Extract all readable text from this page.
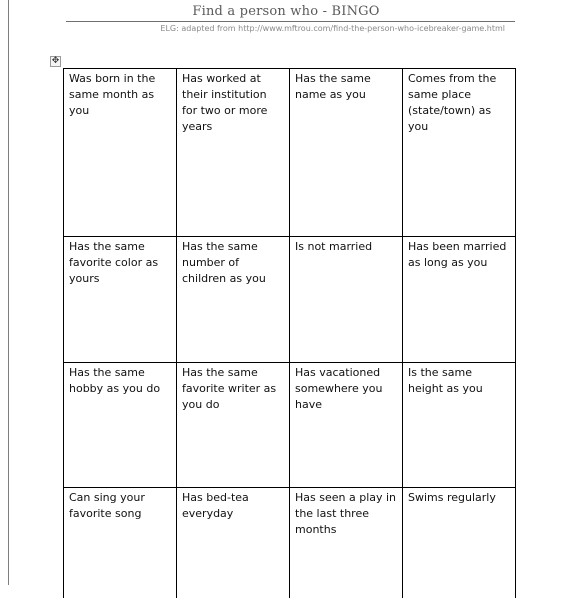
Find a person who - BINGO
ELG: adapted from http://www.mftrou.com/find-the-person-who-icebreaker-game.html
✥
Was born in the same month as you	Has worked at their institution for two or more years	Has the same name as you	Comes from the same place (state/town) as you
Has the same favorite color as yours	Has the same number of children as you	Is not married	Has been married as long as you
Has the same hobby as you do	Has the same favorite writer as you do	Has vacationed somewhere you have	Is the same height as you
Can sing your favorite song	Has bed-tea everyday	Has seen a play in the last three months	Swims regularly
